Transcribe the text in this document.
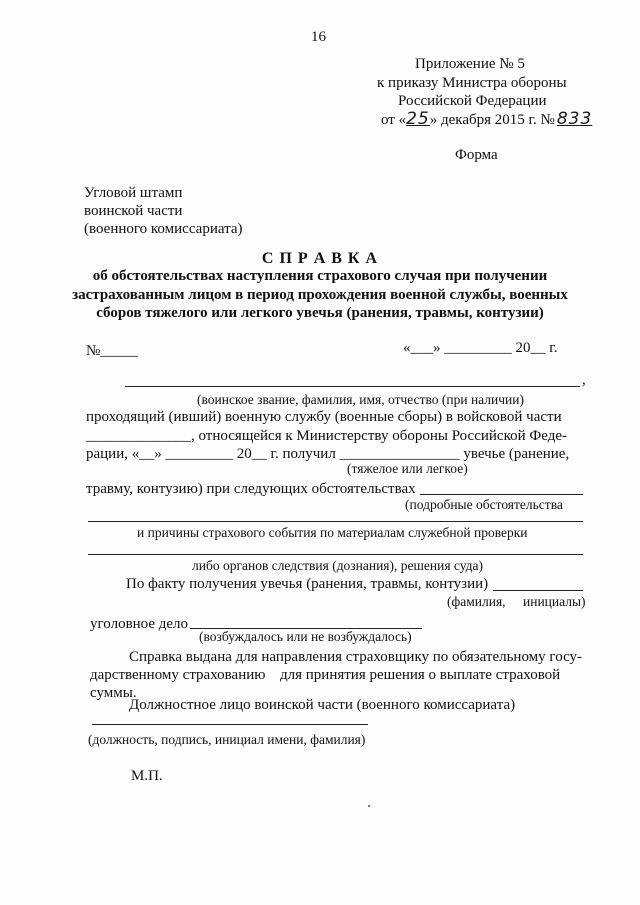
16
Приложение № 5
к приказу Министра обороны
Российской Федерации
от «25» декабря 2015 г. № 833
Форма
Угловой штамп
воинской части
(военного комиссариата)
С П Р А В К А
об обстоятельствах наступления страхового случая при получении
застрахованным лицом в период прохождения военной службы, военных
сборов тяжелого или легкого увечья (ранения, травмы, контузии)
№_____	«___» _________ 20__ г.
,
(воинское звание, фамилия, имя, отчество (при наличии)
проходящий (ивший) военную службу (военные сборы) в войсковой части
______________, относящейся к Министерству обороны Российской Феде-
рации, «__» _________ 20__ г. получил ________________ увечье (ранение,
(тяжелое или легкое)
травму, контузию) при следующих обстоятельствах
(подробные обстоятельства
и причины страхового события по материалам служебной проверки
либо органов следствия (дознания), решения суда)
По факту получения увечья (ранения, травмы, контузии)
(фамилия, инициалы)
уголовное дело
(возбуждалось или не возбуждалось)
Справка выдана для направления страховщику по обязательному госу-
дарственному страхованию для принятия решения о выплате страховой
суммы.
Должностное лицо воинской части (военного комиссариата)
(должность, подпись, инициал имени, фамилия)
М.П.
